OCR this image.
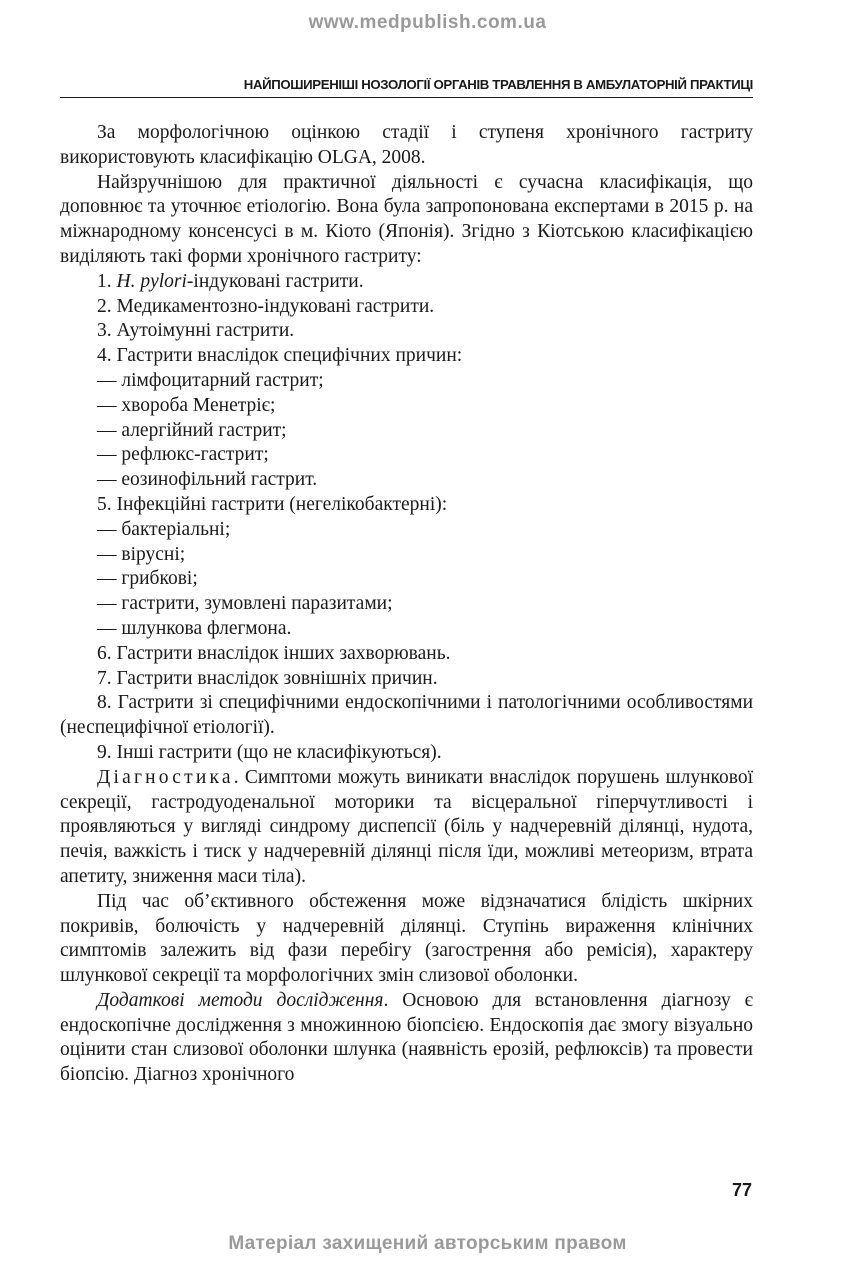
www.medpublish.com.ua
НАЙПОШИРЕНІШІ НОЗОЛОГІЇ ОРГАНІВ ТРАВЛЕННЯ В АМБУЛАТОРНІЙ ПРАКТИЦІ

За морфологічною оцінкою стадії і ступеня хронічного гастриту використовують класифікацію OLGA, 2008.

Найзручнішою для практичної діяльності є сучасна класифікація, що доповнює та уточнює етіологію. Вона була запропонована експертами в 2015 р. на міжнародному консенсусі в м. Кіото (Японія). Згідно з Кіотською класифікацією виділяють такі форми хронічного гастриту:

1. H. pylori-індуковані гастрити.
2. Медикаментозно-індуковані гастрити.
3. Аутоімунні гастрити.
4. Гастрити внаслідок специфічних причин:
— лімфоцитарний гастрит;
— хвороба Менетріє;
— алергійний гастрит;
— рефлюкс-гастрит;
— еозинофільний гастрит.
5. Інфекційні гастрити (негелікобактерні):
— бактеріальні;
— вірусні;
— грибкові;
— гастрити, зумовлені паразитами;
— шлункова флегмона.
6. Гастрити внаслідок інших захворювань.
7. Гастрити внаслідок зовнішніх причин.
8. Гастрити зі специфічними ендоскопічними і патологічними особливостями (неспецифічної етіології).
9. Інші гастрити (що не класифікуються).

Діагностика. Симптоми можуть виникати внаслідок порушень шлункової секреції, гастродуоденальної моторики та вісцеральної гіперчутливості і проявляються у вигляді синдрому диспепсії (біль у надчеревній ділянці, нудота, печія, важкість і тиск у надчеревній ділянці після їди, можливі метеоризм, втрата апетиту, зниження маси тіла).

Під час об’єктивного обстеження може відзначатися блідість шкірних покривів, болючість у надчеревній ділянці. Ступінь вираження клінічних симптомів залежить від фази перебігу (загострення або ремісія), характеру шлункової секреції та морфологічних змін слизової оболонки.

Додаткові методи дослідження. Основою для встановлення діагнозу є ендоскопічне дослідження з множинною біопсією. Ендоскопія дає змогу візуально оцінити стан слизової оболонки шлунка (наявність ерозій, рефлюксів) та провести біопсію. Діагноз хронічного

77
Матеріал захищений авторським правом
